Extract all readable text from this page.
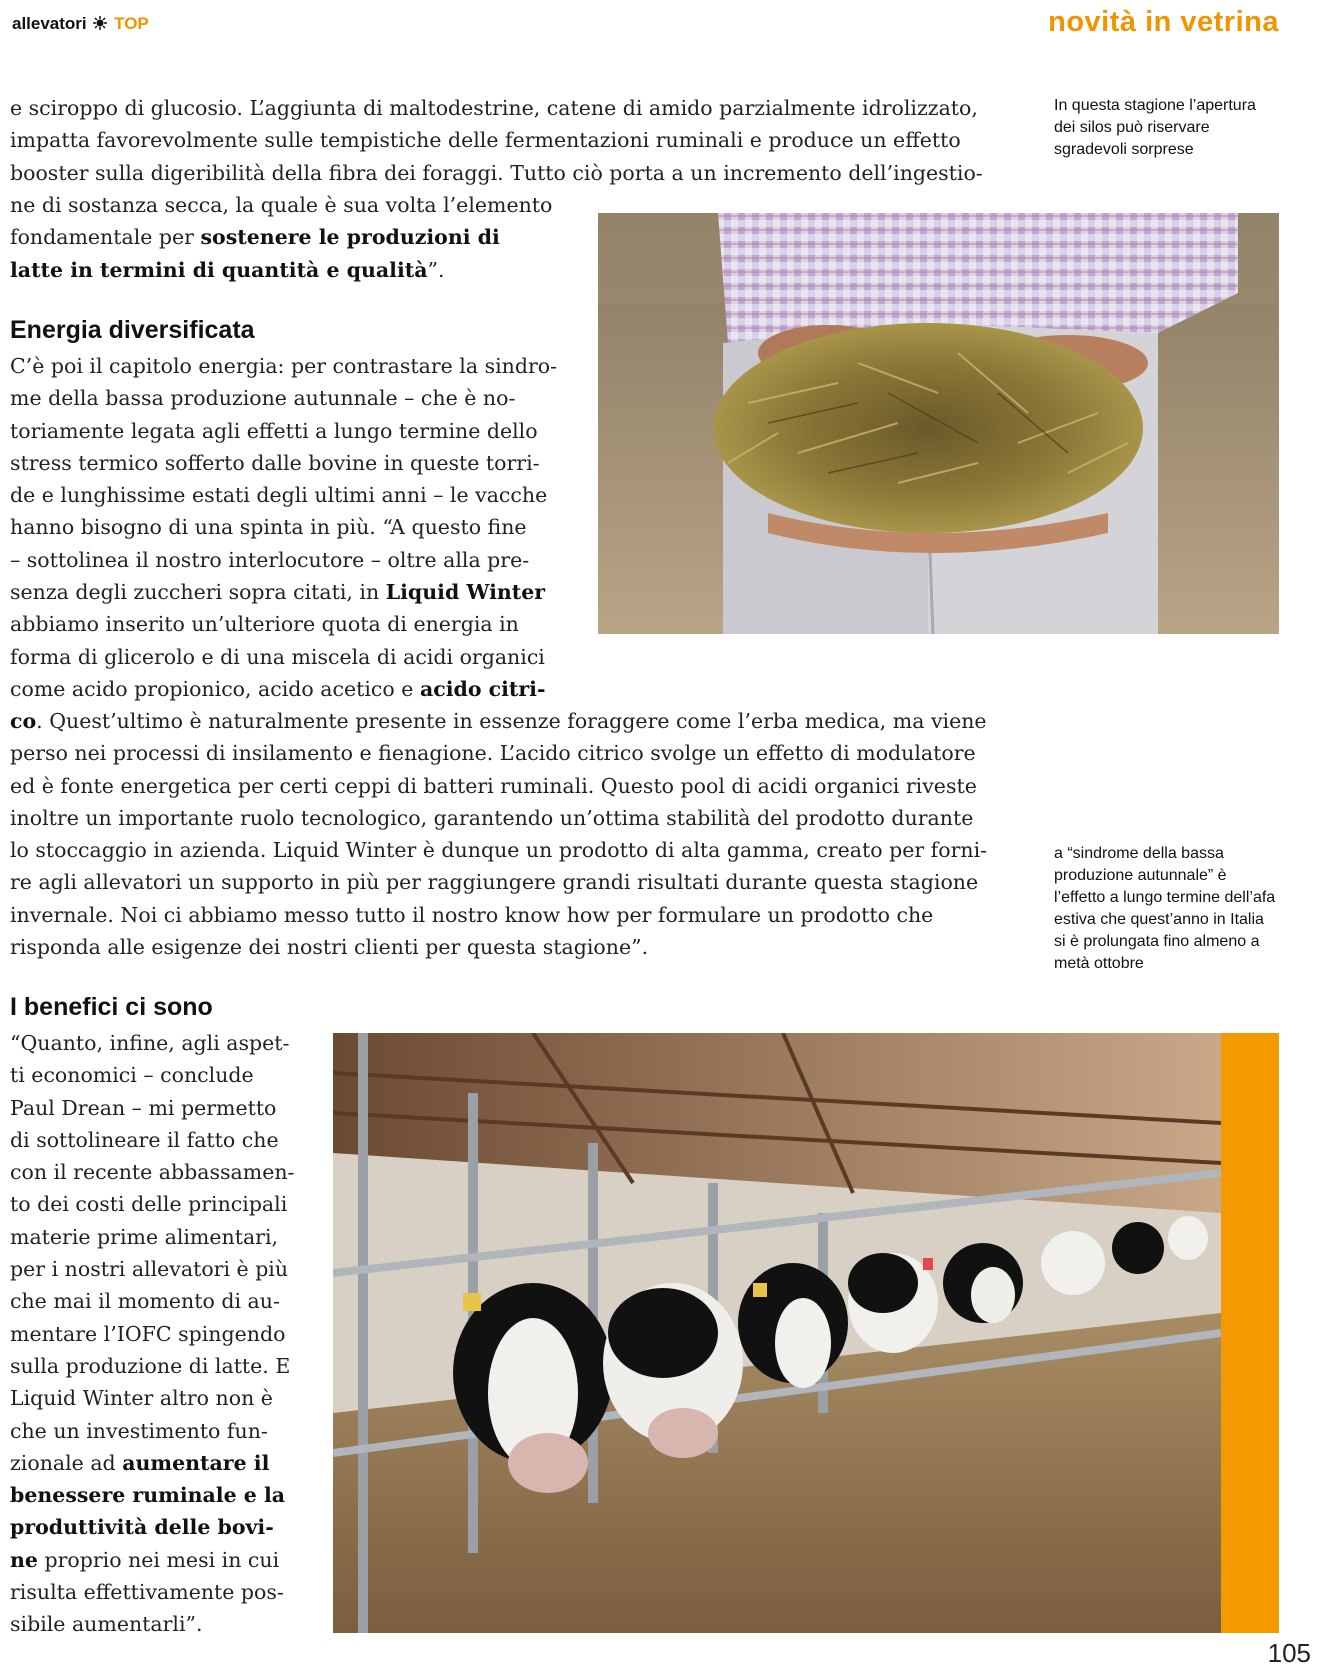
allevatori TOP	novità in vetrina
In questa stagione l’apertura dei silos può riservare sgradevoli sorprese
a “sindrome della bassa produzione autunnale” è l’effetto a lungo termine dell’afa estiva che quest’anno in Italia si è prolungata fino almeno a metà ottobre
e sciroppo di glucosio. L’aggiunta di maltodestrine, catene di amido parzialmente idrolizzato,
impatta favorevolmente sulle tempistiche delle fermentazioni ruminali e produce un effetto
booster sulla digeribilità della fibra dei foraggi. Tutto ciò porta a un incremento dell’ingestio-
ne di sostanza secca, la quale è sua volta l’elemento
fondamentale per sostenere le produzioni di
latte in termini di quantità e qualità”.
Energia diversificata
C’è poi il capitolo energia: per contrastare la sindro-
me della bassa produzione autunnale – che è no-
toriamente legata agli effetti a lungo termine dello
stress termico sofferto dalle bovine in queste torri-
de e lunghissime estati degli ultimi anni – le vacche
hanno bisogno di una spinta in più. “A questo fine
– sottolinea il nostro interlocutore – oltre alla pre-
senza degli zuccheri sopra citati, in Liquid Winter
abbiamo inserito un’ulteriore quota di energia in
forma di glicerolo e di una miscela di acidi organici
come acido propionico, acido acetico e acido citri-
co. Quest’ultimo è naturalmente presente in essenze foraggere come l’erba medica, ma viene
perso nei processi di insilamento e fienagione. L’acido citrico svolge un effetto di modulatore
ed è fonte energetica per certi ceppi di batteri ruminali. Questo pool di acidi organici riveste
inoltre un importante ruolo tecnologico, garantendo un’ottima stabilità del prodotto durante
lo stoccaggio in azienda. Liquid Winter è dunque un prodotto di alta gamma, creato per forni-
re agli allevatori un supporto in più per raggiungere grandi risultati durante questa stagione
invernale. Noi ci abbiamo messo tutto il nostro know how per formulare un prodotto che
risponda alle esigenze dei nostri clienti per questa stagione”.
I benefici ci sono
“Quanto, infine, agli aspet-
ti economici – conclude
Paul Drean – mi permetto
di sottolineare il fatto che
con il recente abbassamen-
to dei costi delle principali
materie prime alimentari,
per i nostri allevatori è più
che mai il momento di au-
mentare l’IOFC spingendo
sulla produzione di latte. E
Liquid Winter altro non è
che un investimento fun-
zionale ad aumentare il
benessere ruminale e la
produttività delle bovi-
ne proprio nei mesi in cui
risulta effettivamente pos-
sibile aumentarli”.
105
